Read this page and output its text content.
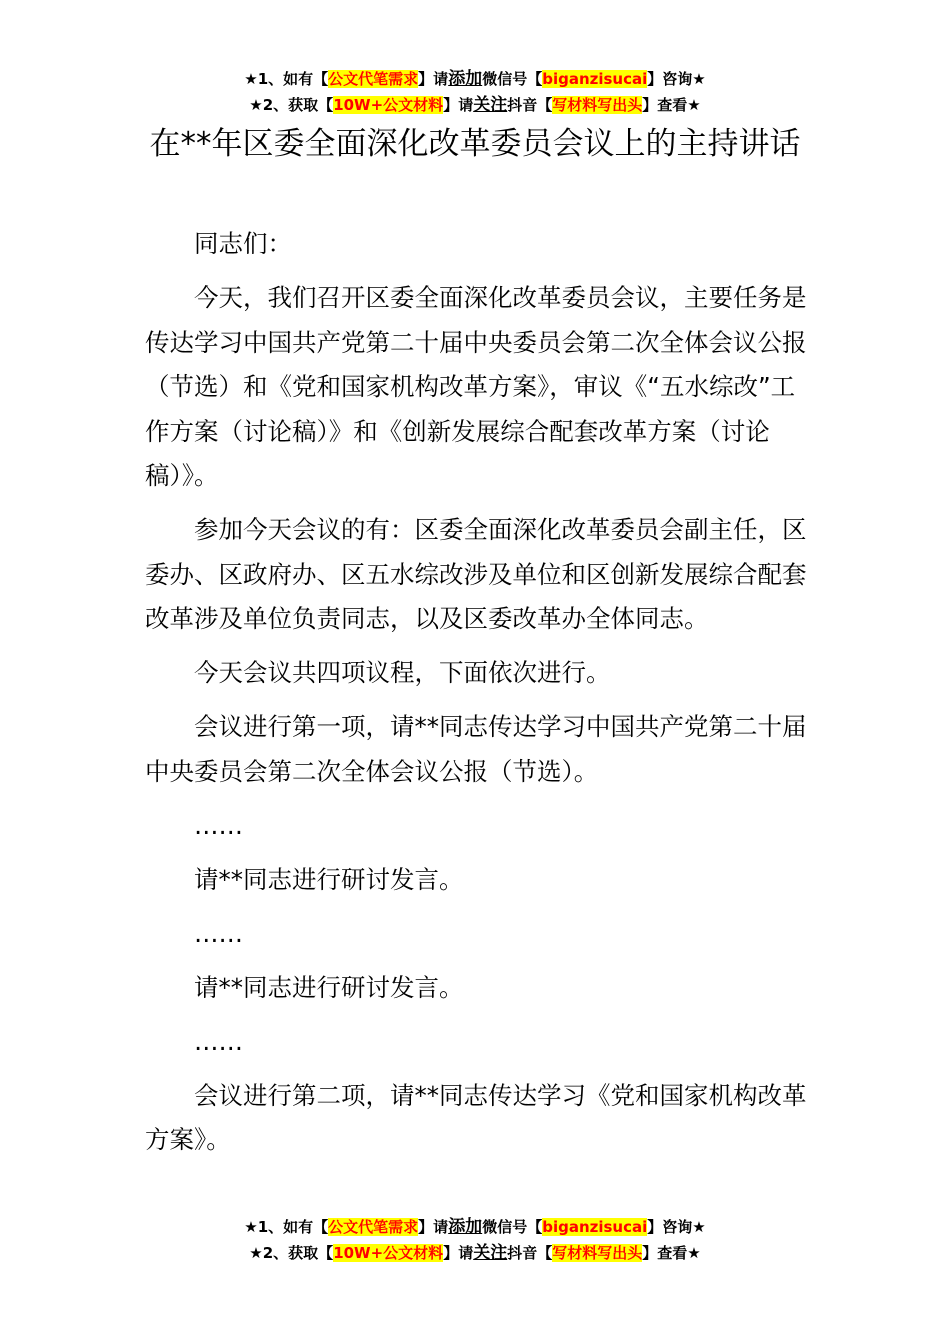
★1、如有【公文代笔需求】请添加微信号【biganzisucai】咨询★
★2、获取【10W+公文材料】请关注抖音【写材料写出头】查看★
在**年区委全面深化改革委员会议上的主持讲话

同志们：

今天，我们召开区委全面深化改革委员会议，主要任务是传达学习中国共产党第二十届中央委员会第二次全体会议公报（节选）和《党和国家机构改革方案》，审议《“五水综改”工作方案（讨论稿）》和《创新发展综合配套改革方案（讨论稿）》。

参加今天会议的有：区委全面深化改革委员会副主任，区委办、区政府办、区五水综改涉及单位和区创新发展综合配套改革涉及单位负责同志，以及区委改革办全体同志。

今天会议共四项议程，下面依次进行。

会议进行第一项，请**同志传达学习中国共产党第二十届中央委员会第二次全体会议公报（节选）。

……

请**同志进行研讨发言。

……

请**同志进行研讨发言。

……

会议进行第二项，请**同志传达学习《党和国家机构改革方案》。

★1、如有【公文代笔需求】请添加微信号【biganzisucai】咨询★
★2、获取【10W+公文材料】请关注抖音【写材料写出头】查看★
